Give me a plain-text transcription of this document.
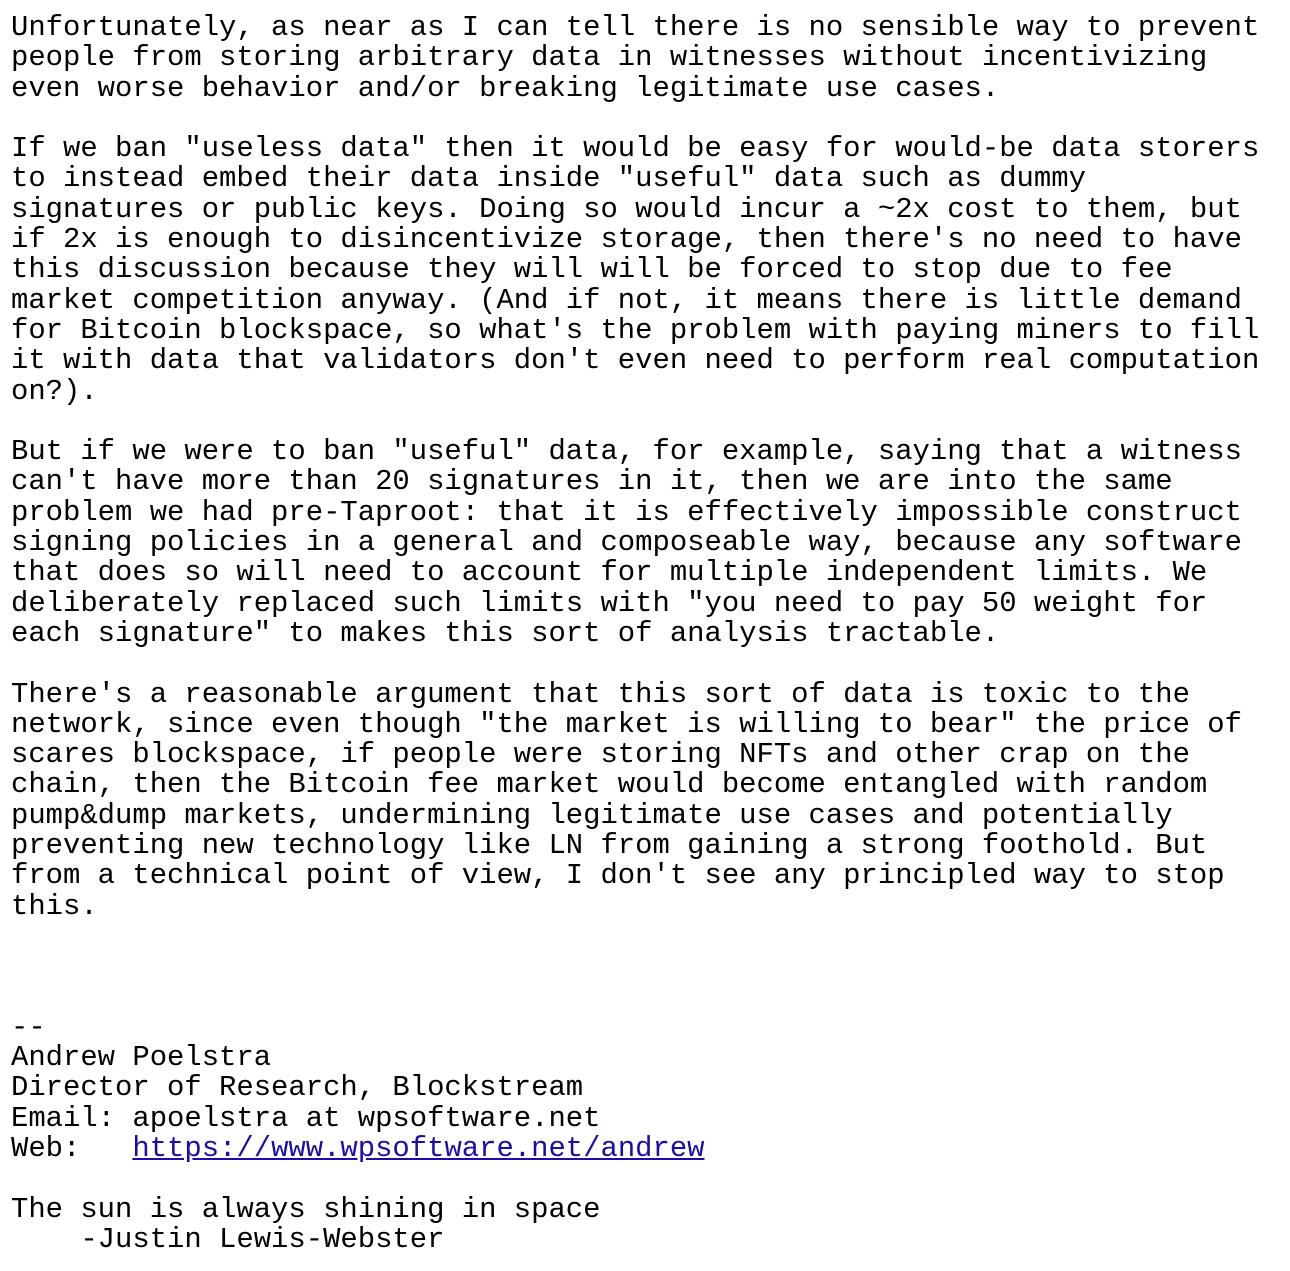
Unfortunately, as near as I can tell there is no sensible way to prevent
people from storing arbitrary data in witnesses without incentivizing
even worse behavior and/or breaking legitimate use cases.
If we ban "useless data" then it would be easy for would-be data storers
to instead embed their data inside "useful" data such as dummy
signatures or public keys. Doing so would incur a ~2x cost to them, but
if 2x is enough to disincentivize storage, then there's no need to have
this discussion because they will will be forced to stop due to fee
market competition anyway. (And if not, it means there is little demand
for Bitcoin blockspace, so what's the problem with paying miners to fill
it with data that validators don't even need to perform real computation
on?).
But if we were to ban "useful" data, for example, saying that a witness
can't have more than 20 signatures in it, then we are into the same
problem we had pre-Taproot: that it is effectively impossible construct
signing policies in a general and composeable way, because any software
that does so will need to account for multiple independent limits. We
deliberately replaced such limits with "you need to pay 50 weight for
each signature" to makes this sort of analysis tractable.
There's a reasonable argument that this sort of data is toxic to the
network, since even though "the market is willing to bear" the price of
scares blockspace, if people were storing NFTs and other crap on the
chain, then the Bitcoin fee market would become entangled with random
pump&dump markets, undermining legitimate use cases and potentially
preventing new technology like LN from gaining a strong foothold. But
from a technical point of view, I don't see any principled way to stop
this.
--
Andrew Poelstra
Director of Research, Blockstream
Email: apoelstra at wpsoftware.net
Web:   https://www.wpsoftware.net/andrew
The sun is always shining in space
-Justin Lewis-Webster
